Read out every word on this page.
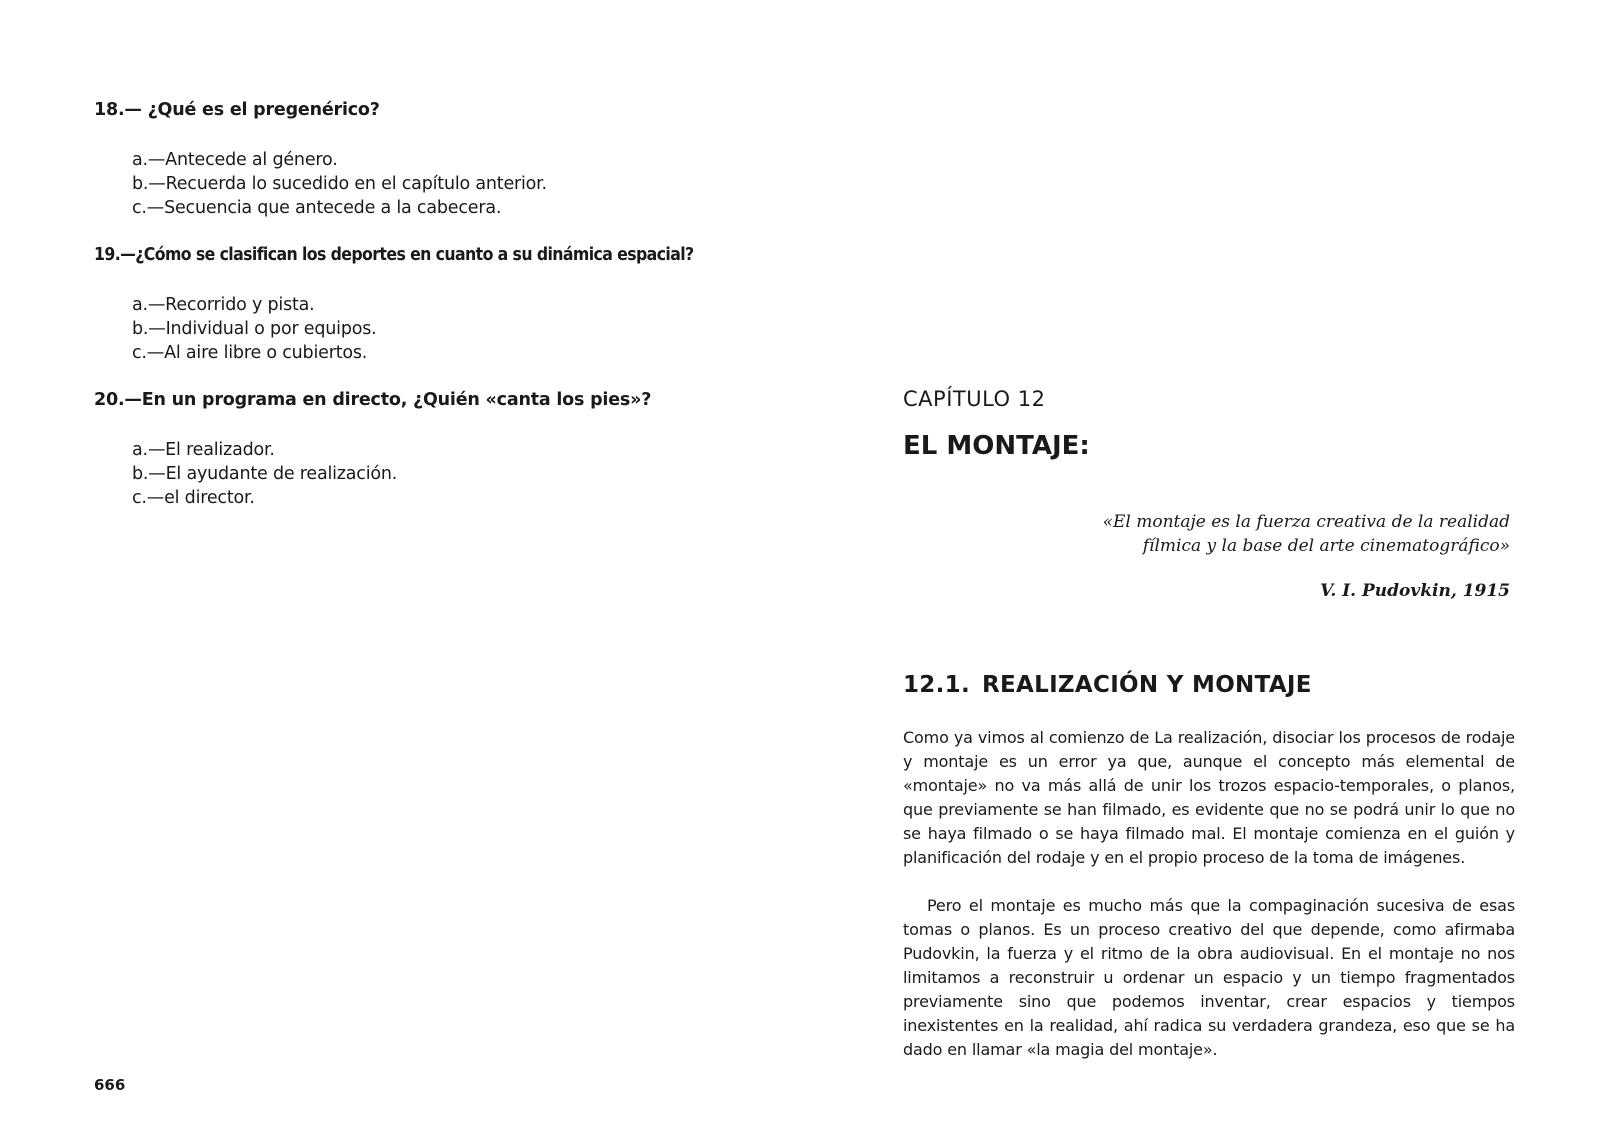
18.— ¿Qué es el pregenérico?
a.—Antecede al género.
b.—Recuerda lo sucedido en el capítulo anterior.
c.—Secuencia que antecede a la cabecera.
19.—¿Cómo se clasifican los deportes en cuanto a su dinámica espacial?
a.—Recorrido y pista.
b.—Individual o por equipos.
c.—Al aire libre o cubiertos.
20.—En un programa en directo, ¿Quién «canta los pies»?
a.—El realizador.
b.—El ayudante de realización.
c.—el director.
666
CAPÍTULO 12
EL MONTAJE:
«El montaje es la fuerza creativa de la realidad
fílmica y la base del arte cinematográfico»
V. I. Pudovkin, 1915
12.1. REALIZACIÓN Y MONTAJE

Como ya vimos al comienzo de La realización, disociar los procesos de rodaje y montaje es un error ya que, aunque el concepto más elemental de «montaje» no va más allá de unir los trozos espacio-temporales, o planos, que previamente se han filmado, es evidente que no se podrá unir lo que no se haya filmado o se haya filmado mal. El montaje comienza en el guión y planificación del rodaje y en el propio proceso de la toma de imágenes.

Pero el montaje es mucho más que la compaginación sucesiva de esas tomas o planos. Es un proceso creativo del que depende, como afirmaba Pudovkin, la fuerza y el ritmo de la obra audiovisual. En el montaje no nos limitamos a reconstruir u ordenar un espacio y un tiempo fragmentados previamente sino que podemos inventar, crear espacios y tiempos inexistentes en la realidad, ahí radica su verdadera grandeza, eso que se ha dado en llamar «la magia del montaje».
